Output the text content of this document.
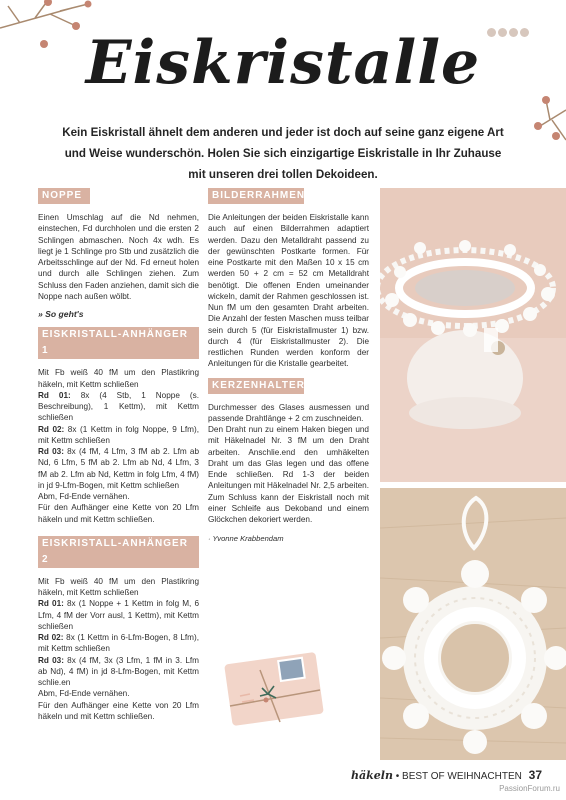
Eiskristalle
Kein Eiskristall ähnelt dem anderen und jeder ist doch auf seine ganz eigene Art und Weise wunderschön. Holen Sie sich einzigartige Eiskristalle in Ihr Zuhause mit unseren drei tollen Dekoideen.
NOPPE

Einen Umschlag auf die Nd nehmen, einstechen, Fd durchholen und die ersten 2 Schlingen abmaschen. Noch 4x wdh. Es liegt je 1 Schlinge pro Stb und zusätzlich die Arbeitsschlinge auf der Nd. Fd erneut holen und durch alle Schlingen ziehen. Zum Schluss den Faden anziehen, damit sich die Noppe nach außen wölbt.

» So geht's
EISKRISTALL-ANHÄNGER 1

Mit Fb weiß 40 fM um den Plastikring häkeln, mit Kettm schließen

Rd 01: 8x (4 Stb, 1 Noppe (s. Beschreibung), 1 Kettm), mit Kettm schließen

Rd 02: 8x (1 Kettm in folg Noppe, 9 Lfm), mit Kettm schließen

Rd 03: 8x (4 fM, 4 Lfm, 3 fM ab 2. Lfm ab Nd, 6 Lfm, 5 fM ab 2. Lfm ab Nd, 4 Lfm, 3 fM ab 2. Lfm ab Nd, Kettm in folg Lfm, 4 fM) in jd 9-Lfm-Bogen, mit Kettm schließen

Abm, Fd-Ende vernähen.

Für den Aufhänger eine Kette von 20 Lfm häkeln und mit Kettm schließen.

EISKRISTALL-ANHÄNGER 2

Mit Fb weiß 40 fM um den Plastikring häkeln, mit Kettm schließen

Rd 01: 8x (1 Noppe + 1 Kettm in folg M, 6 Lfm, 4 fM der Vorr ausl, 1 Kettm), mit Kettm schließen

Rd 02: 8x (1 Kettm in 6-Lfm-Bogen, 8 Lfm), mit Kettm schließen

Rd 03: 8x (4 fM, 3x (3 Lfm, 1 fM in 3. Lfm ab Nd), 4 fM) in jd 8-Lfm-Bogen, mit Kettm schlie.en

Abm, Fd-Ende vernähen.

Für den Aufhänger eine Kette von 20 Lfm häkeln und mit Kettm schließen.

BILDERRAHMEN

Die Anleitungen der beiden Eiskristalle kann auch auf einen Bilderrahmen adaptiert werden. Dazu den Metalldraht passend zu der gewünschten Postkarte formen. Für eine Postkarte mit den Maßen 10 x 15 cm werden 50 + 2 cm = 52 cm Metalldraht benötigt. Die offenen Enden umeinander wickeln, damit der Rahmen geschlossen ist. Nun fM um den gesamten Draht arbeiten. Die Anzahl der festen Maschen muss teilbar sein durch 5 (für Eiskristallmuster 1) bzw. durch 4 (für Eiskristallmuster 2). Die restlichen Runden werden konform der Anleitungen für die Kristalle gearbeitet.

KERZENHALTER

Durchmesser des Glases ausmessen und passende Drahtlänge + 2 cm zuschneiden.

Den Draht nun zu einem Haken biegen und mit Häkelnadel Nr. 3 fM um den Draht arbeiten. Anschlie.end den umhäkelten Draht um das Glas legen und das offene Ende schließen. Rd 1-3 der beiden Anleitungen mit Häkelnadel Nr. 2,5 arbeiten. Zum Schluss kann der Eiskristall noch mit einer Schleife aus Dekoband und einem Glöckchen dekoriert werden.

· Yvonne Krabbendam
häkeln • BEST OF WEIHNACHTEN 37
PassionForum.ru
